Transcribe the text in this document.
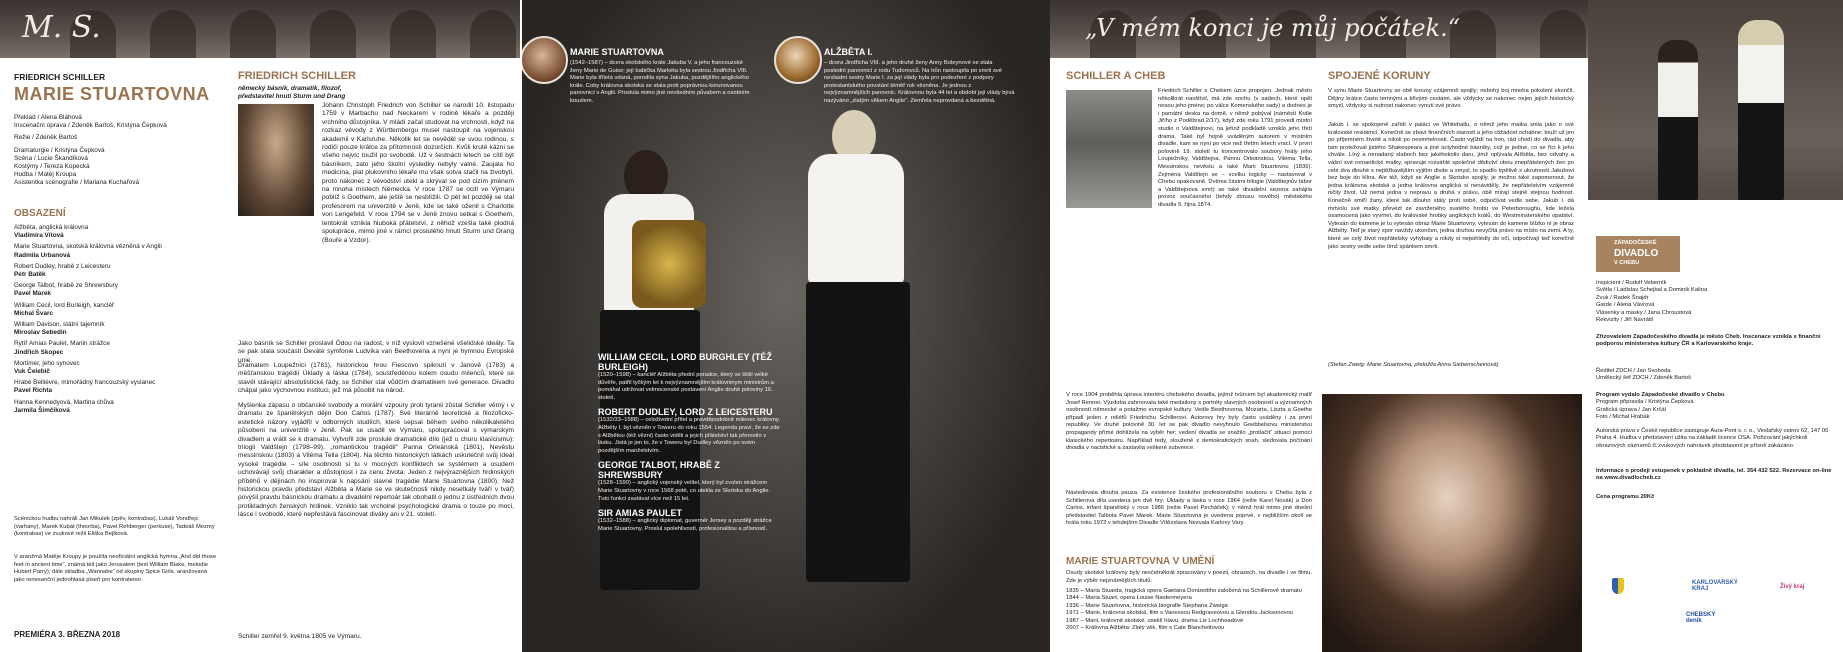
M. S.	„V mém konci je můj počátek.“
FRIEDRICH SCHILLER
MARIE STUARTOVNA
Překlad / Alena Bláhová
Inscenační úprava / Zdeněk Bartoš, Kristýna Čepková
Režie / Zdeněk Bartoš
Dramaturgie / Kristýna Čepková
Scéna / Lucie Škandíková
Kostýmy / Tereza Kopecká
Hudba / Matěj Kroupa
Asistentka scénografie / Mariana Kuchařová
OBSAZENÍ
Alžběta, anglická královna
Vladimíra Vítová
Marie Stuartovna, skotská královna vězněná v Anglii
Radmila Urbanová
Robert Dudley, hrabě z Leicesteru
Petr Batěk
George Talbot, hrabě ze Shrewsbury
Pavel Marek
William Cecil, lord Burleigh, kancléř
Michal Švarc
William Davison, státní tajemník
Miroslav Sebedín
Rytíř Amias Paulet, Mariin strážce
Jindřich Skopec
Mortimer, jeho synovec
Vuk Čelebič
Hrabě Bellièvre, mimořádný francouzský vyslanec
Pavel Richta
Hanna Kennedyová, Martina chůva
Jarmila Šimčíková
Scénickou hudbu nahráli Jan Mikulek (zpěv, kontrabas), Lukáš Vondřejc (varhany), Marek Kubát (theorba), Pavel Rehberger (perkuse), Tadeáš Mezmy (kontrabas) ve zvukové režii Eliška Bejlková.
V aranžmá Matěje Kroupy je použita neoficiální anglická hymna „And did those feet in ancient time“, známá též jako Jerusalem (text William Blake, melodie Hubert Parry); dále skladba „Wannabe“ od skupiny Spice Girls, aranžovaná jako renesanční jednohlasá píseň pro kontratenor.
PREMIÉRA 3. BŘEZNA 2018
FRIEDRICH SCHILLER
německý básník, dramatik, filozof, představitel hnutí Sturm und Drang

Johann Christoph Friedrich von Schiller se narodil 10. listopadu 1759 v Marbachu nad Neckarem v rodině lékaře a později vrchního důstojníka. V mládí začal studovat na vrchnosti, když na rozkaz vévody z Württembergu musel nastoupit na vojenskou akademii v Karlsruhe. Několik let se nevěděl se svou rodinou, s rodiči pouze krátce za přítomnosti dozorčích. Kvůli kruté kázni se všeho nejvíc toužil po svobodě. Už v šestnácti letech se cítil být básníkem, zato jeho školní výsledky nebyly valné. Zaujala ho medicína, plat plukovního lékaře mu však sotva stačil na živobytí, proto nakonec z vévodství utekl a skrýval se pod cizím jménem na mnoha místech Německa. V roce 1787 se ocitl ve Výmaru poblíž s Goethem, ale ještě se nesblížili. O pět let později se stal profesorem na univerzitě v Jeně, kde se také oženil s Charlotte von Lengefeld. V roce 1794 se v Jeně znovu setkal s Goethem, tentokrát vznikla hluboká přátelství, z něhož vzešla také plodná spolupráce, mimo jiné v rámci proslulého hnutí Sturm und Drang (Bouře a Vzdor).

Jako básník se Schiller proslavil Ódou na radost, v níž vyslovil vznešené všelidské ideály. Ta se pak stala součástí Deváté symfonie Ludvíka van Beethovena a nyní je hymnou Evropské unie.

Dramatem Loupežníci (1781), historickou hrou Fiescovo spiknutí v Janově (1783) a měšťanskou tragédií Úklady a láska (1784), soustředěnou kolem osudu milenců, které se stavěl stávající absolutistické řády, se Schiller stal vůdčím dramatikem své generace. Divadlo chápal jako výchovnou instituci, jež má působit na národ.

Myšlenka zápasu o občanské svobody a morální vzpoury proti tyranii zůstal Schiller věrný i v dramatu ze španělských dějin Don Carlos (1787). Své literárně teoretické a filozoficko-estetické názory vyjádřil v odborných studiích, které sepsal během svého několikaletého působení na univerzitě v Jeně. Pak se usadil ve Výmaru, spolupracoval s výmarským divadlem a vrátil se k dramatu. Vytvořil zde proslulé dramatické dílo (jež u churu klasicismu): trilogii Valdštejn (1798–99), „romantickou tragédii“ Panna Orleánská (1801), Nevěstu messinskou (1803) a Viléma Tella (1804). Na těchto historických látkách uskutečnil svůj ideál vysoké tragédie – síle osobnosti si tu v mocných konfliktech se systémem a osudem uchovávají svůj charakter a důstojnost i za cenu života. Jeden z nejvýraznějších hrdinských příběhů v dějinách ho inspiroval k napsání slavné tragédie Marie Stuartovna (1800). Než historickou pravdu představí Alžběta a Marie se ve skutečnosti nikdy nesetkaly tváří v tvář) povýšil pravdu básnickou dramatu a divadelní repertoár tak obohatil o jednu z ústředních dvou protikladných ženských hrdinek. Vzniklo tak vrcholné psychologické drama o touze po moci, lásce i svobodě, které nepřestává fascinovat diváky ani v 21. století.

Schiller zemřel 9. května 1805 ve Výmaru.

MARIE STUARTOVNA

(1542–1587) – dcera skotského krále Jakuba V. a jeho francouzské ženy Marie de Guise; její babička Markéta byla sestrou Jindřicha VIII. Marie byla tříletá vdaná, porodila syna Jakuba, pozdějšího anglického krále. Coby královna skotská se stala proti poprávnou korunovanou panovnicí v Anglii. Proslula mimo jiné nevšedním půvabem a osobním kouzlem.

ALŽBĚTA I.

– dcera Jindřicha VIII. a jeho druhé ženy Anny Boleynové se stala poslední panovnicí z rodu Tudorovců. Na trůn nastoupila po smrti své nevlastní sestry Marie I. za její vlády byla pro podezření z podpory protestantského povstání téměř rok vězněna. Je jednou z nejvýznamnějších panovnic. Královnou byla 44 let a období její vlády bývá nazýváno „zlatým věkem Anglie“. Zemřela neprovdaná a bezdětná.

WILLIAM CECIL, LORD BURGHLEY (TÉŽ BURLEIGH)

(1520–1598) – kancléř Alžběta přední poradce, který se těšil velké důvěře, patřil tyčkým let k nejvýznamnějším královninym ministrům a pomáhal udržovat velmocenské postavení Anglie druhé poloviny 16. století.

ROBERT DUDLEY, LORD Z LEICESTERU

(1532/33–1588) – celoživotní přítel a pravděpodobně milenec královny. Alžběty I. byl vězněn v Toweru do roku 1554. Legenda praví, že se zde s Alžbětou (též vězni) často viděli a jejich přátelství tak přerostlo v lásku. Jistá je jen to, že v Toweru byl Dudley vězněn po svém pozdějším manželstvím.

GEORGE TALBOT, HRABĚ Z SHREWSBURY

(1528–1590) – anglický vojenský velitel, který byl zvolen strážcem Marie Stuartovny v roce 1568 poté, co utekla ze Skotska do Anglie. Tuto funkci zastával více než 15 let.

SIR AMIAS PAULET

(1532–1588) – anglický diplomat, guvernér Jersey a později strážce Marie Stuartovny. Proslul spolehlivostí, profesionalitou a přísností.

SCHILLER A CHEB

Friedrich Schiller s Chebem úzce propojen. Jednak město několikrát navštívil, má zde sochu (v sadech, které opět nesou jeho jméno; po válce Komenského sady) a dodnes je i památní deska na domě, v němž pobýval (náměstí Krále Jiřího z Poděbrad 2/17), když zde roku 1791 provedl místní studio o Valdštejnovi, na jehož podkladě vzniklo jeho třetí drama. Také byl hojně uváděným autorem v místním divadle, kam se nyní po vice než třetím letech vrací. V první polovině 19. století tu koncentrovalo soubory hrály jeho Loupežníky, Valdštejna, Pannu Orleánskou, Viléma Tella, Messinskou nevěstu a také Marii Stuartovnu (1836). Zejména Valdštejn se – vcelku logicky – nastavoval v Chebu opakovaně. Dvěma částmi trilogie (Valdštejnův tábor a Valdštejnova smrt) se také divadelní sezona zahájila provoz současného (tehdy zbrusu nového) městského divadla 5. října 1874.

V roce 1904 proběhla úprava interiéru chebského divadla, jejímž tvůrcem byl akademický malíř Josef Renner. Výzdoba zahrnovala také medailony s portréty slavných osobností a významných osobností německé a potažmo evropské kultury. Vedle Beethovena, Mozarta, Liszta a Goethe připadl jeden z reliéfů Friedrichu Schillerovi. Autorovy hry byly často uváděny i za první republiky. Ve druhé polovině 30. let se pak divadlo nevyhnulo Goebbelsovu ministerstvu propagandy přímé dohlížela na výběr her; vedení divadla se snažilo „protlačit“ situaci pomocí klasického repertoáru. Například tedy, slouženě z demokratických snah, sledovala počínání divadla v nacistické a zastavila veškeré subvence.

Následovala dlouhá pauza. Za existence českého profesionálního souboru v Chebu byla z Schillerova díla uvedena jen dvě hry: Úklady a láska v roce 1964 (režie Karel Novák) a Don Carlos, infant španělský v roce 1986 (režie Pavel Pecháček); v němž hrál mimo jiné dnešní představitel Talbota Pavel Marek. Marie Stuartovna je uvedena poprvé, v nejbližším okolí se hrála roku 1973 v tehdejším Divadle Vítězslava Nezvala Karlovy Vary.

MARIE STUARTOVNA V UMĚNÍ

Osudy skotské královny byly nesčetněkrát zpracovány v poezii, obrazech, na divadle i ve filmu. Zde je výběr nejznámějších titulů:

1835 – Maria Stuarda, tragická opera Gaetana Donizettiho založená na Schillerově dramatu
1844 – Maria Stuart, opera Louise Niedermeyera
1936 – Marie Stuartovna, historická biografie Stephana Zweiga
1971 – Marie, královna skotská, film s Vanessou Redgraveovou a Glendou Jacksonovou
1987 – Marii, královně skotské, useklí hlavu, drama Liz Lochheadové
2007 – Královna Alžběta: Zlatý věk, film s Cate Blanchettovou
SPOJENÉ KORUNY

V synu Marie Stuartovny se obě koruny vzájemně spojily; nebohý boj mnoha pokolení skončil. Dějiny krátce často temnými a křivými cestami, ale vždycky se nakonec nejen jejich historický smysl, vždycky si nutnost nakonec vynutí své právo.

Jakub I. se spokojeně zařídí v paláci ve Whitehallu, o němž jeho matka snila jako o své královské residenci. Konečně se zbaví finančních starostí a jeho ctižádost ochabne: touží už jen po příjemném životě a nikoli po nesmrtelnosti. Často vyjíždí na hon, rád chodí do divadla, aby tam protežoval jistého Shakespeara a jiné úctyhodné básníky, což je jediné, co se říci k jeho chvále. Líný a nenadaný slaboch bez jakéhokoliv daru, jímž oplývala Alžběta, bez odvahy a vášní své romantické matky, spravuje rozsáhlé společné dědictví obou znepřátelených žen po celé dva dlouhé s nejtěžkavějším vyjitím diváe a smysl, to spadlo trpělivě s ukrutností Jakubovi bez boje do klína. Ale též, když se Anglie a Skotsko spojily, je možno také zapomenout, že jedna královna skotská a jedna královna anglická si nenáviděly, že nepřátelstvím vzájemně ničily život. Už nemá jedna v nepravu a druhá v právu, obě mírají stejně stejnou hodnost. Konečně smíří žany, které tak dlouho stály proti sobě, odpočívat vedle sebe. Jakub I. dá mrtvolu své matky převézt ze zavrženého svatého hrobu ve Peterboroughu, kde ležela osamocená jako vyvrhel, do královské hrobky anglických králů, do Westminsterského opatství. Vytesán do kamene je tu vytesán obraz Marie Stuartovny, vytesán do kamene blízko ní je obraz Alžběty. Teď je starý spor navždy ukončen, jedna druhou nevyčítá právo na místo na zemi. A ty, které se celý život nepřátelsky vyhýbaly a nikdy si nepohlédly do očí, odpočívají teď konečně jako sestry vedle sebe tímž spánkem smrti.

(Stefan Zweig: Marie Stuartovna, přeložila Anna Siebenscheinová)
ZÁPADOČESKÉ
DIVADLO
V CHEBU
Inspicient / Rudolf Veberník
Světla / Ladislav Schejbal a Dominik Kalina
Zvuk / Radek Šnajdr
Garde / Alena Vávrová
Vlásenky a masky / Jana Chroustová
Rekvizity / Jiří Navrátil
Zřizovatelem Západočeského divadla je město Cheb. Inscenace vznikla s finanční podporou ministerstva kultury ČR a Karlovarského kraje.
Ředitel ZDCH / Jan Svoboda
Umělecký šéf ZDCH / Zdeněk Bartoš
Program vydalo Západočeské divadlo v Chebu
Program připravila / Kristýna Čepková
Grafická úprava / Jan Krčál
Foto / Michal Hrabák
Autorská práva v České republice zastupuje Aura-Pont s. r. o., Veslařský ostrov 62, 147 00 Praha 4. Hudba v představení užita na základě licence OSA. Pořizování jakýchkoli obrazových záznamů či zvukových nahrávek představení je přísně zakázáno.
Informace o prodeji vstupenek v pokladně divadla, tel. 354 432 522. Rezervace on-line na www.divadlocheb.cz
Cena programu 20Kč
KARLOVARSKÝ KRAJ	Živý kraj
CHEBSKÝ deník
